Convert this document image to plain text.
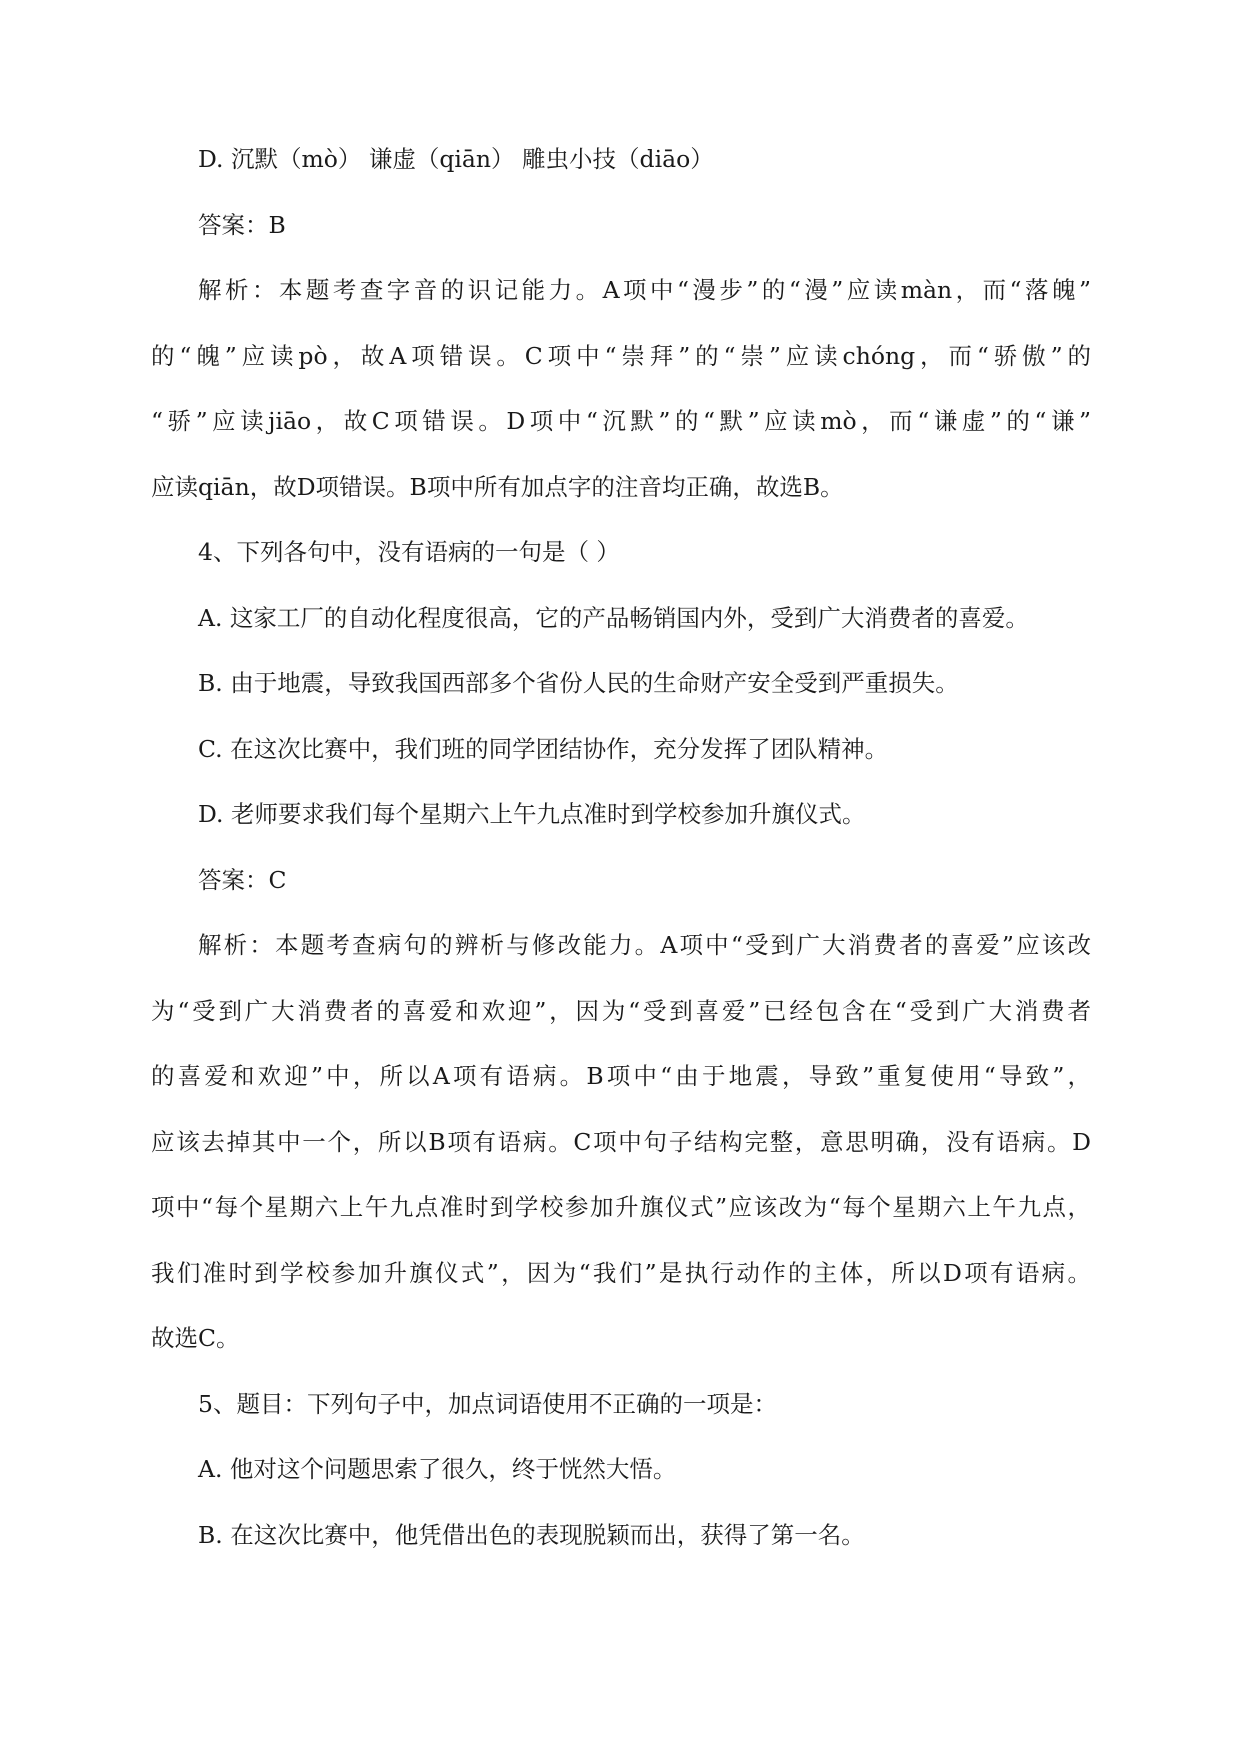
D. 沉默（mò） 谦虚（qiān） 雕虫小技（diāo）
答案：B
解析：本题考查字音的识记能力。A项中“漫步”的“漫”应读màn，而“落魄”
的“魄”应读pò，故A项错误。C项中“崇拜”的“崇”应读chóng，而“骄傲”的
“骄”应读jiāo，故C项错误。D项中“沉默”的“默”应读mò，而“谦虚”的“谦”
应读qiān，故D项错误。B项中所有加点字的注音均正确，故选B。
4、下列各句中，没有语病的一句是（ ）
A. 这家工厂的自动化程度很高，它的产品畅销国内外，受到广大消费者的喜爱。
B. 由于地震，导致我国西部多个省份人民的生命财产安全受到严重损失。
C. 在这次比赛中，我们班的同学团结协作，充分发挥了团队精神。
D. 老师要求我们每个星期六上午九点准时到学校参加升旗仪式。
答案：C
解析：本题考查病句的辨析与修改能力。A项中“受到广大消费者的喜爱”应该改
为“受到广大消费者的喜爱和欢迎”，因为“受到喜爱”已经包含在“受到广大消费者
的喜爱和欢迎”中，所以A项有语病。B项中“由于地震，导致”重复使用“导致”，
应该去掉其中一个，所以B项有语病。C项中句子结构完整，意思明确，没有语病。D
项中“每个星期六上午九点准时到学校参加升旗仪式”应该改为“每个星期六上午九点，
我们准时到学校参加升旗仪式”，因为“我们”是执行动作的主体，所以D项有语病。
故选C。
5、题目：下列句子中，加点词语使用不正确的一项是：
A. 他对这个问题思索了很久，终于恍然大悟。
B. 在这次比赛中，他凭借出色的表现脱颖而出，获得了第一名。
